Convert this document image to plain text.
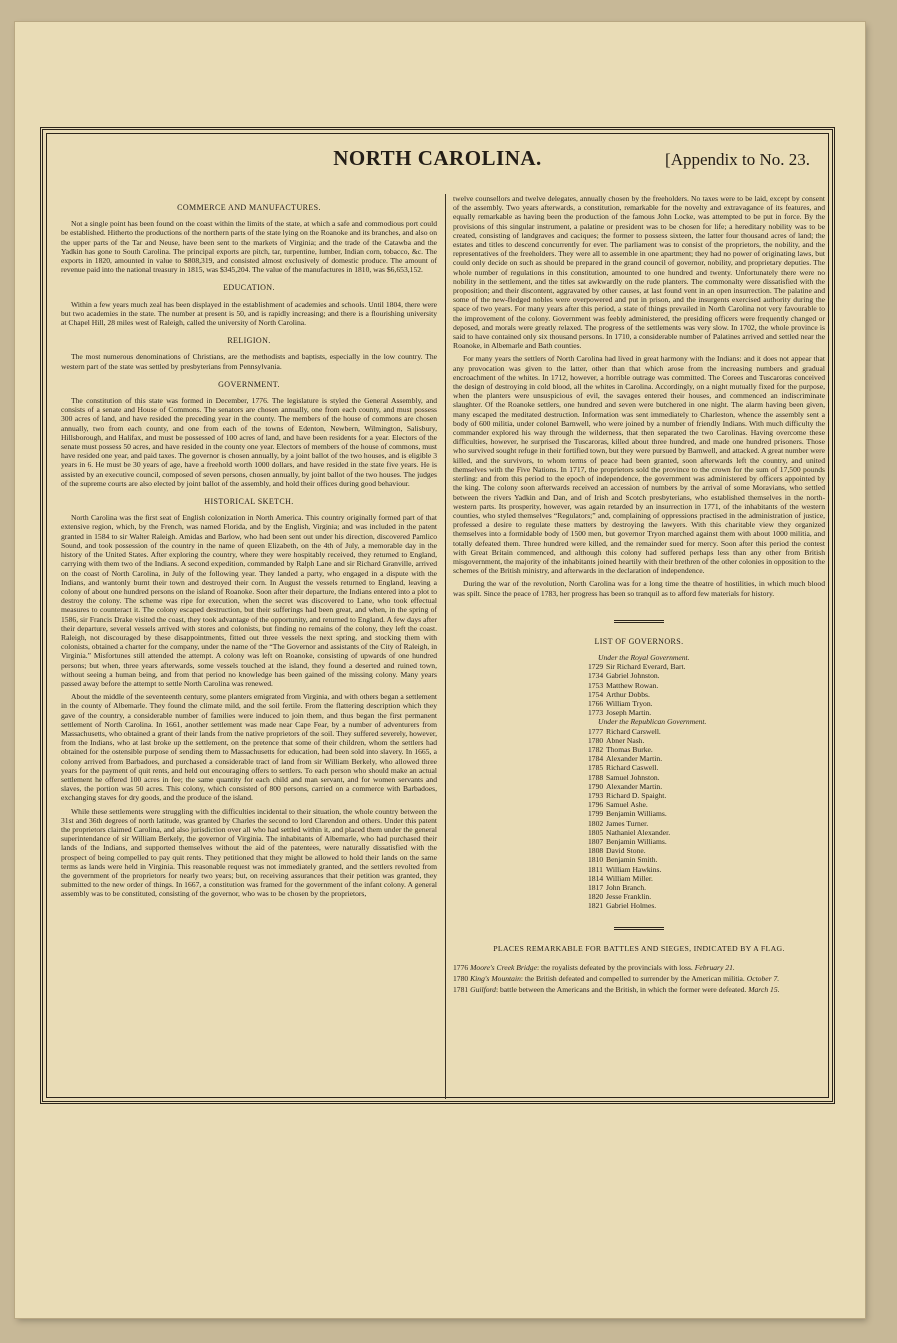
NORTH CAROLINA.	[Appendix to No. 23.
COMMERCE AND MANUFACTURES.

Not a single point has been found on the coast within the limits of the state, at which a safe and commodious port could be established. Hitherto the productions of the northern parts of the state lying on the Roanoke and its branches, and also on the upper parts of the Tar and Neuse, have been sent to the markets of Virginia; and the trade of the Catawba and the Yadkin has gone to South Carolina. The principal exports are pitch, tar, turpentine, lumber, Indian corn, tobacco, &c. The exports in 1820, amounted in value to $808,319, and consisted almost exclusively of domestic produce. The amount of revenue paid into the national treasury in 1815, was $345,204. The value of the manufactures in 1810, was $6,653,152.

EDUCATION.

Within a few years much zeal has been displayed in the establishment of academies and schools. Until 1804, there were but two academies in the state. The number at present is 50, and is rapidly increasing; and there is a flourishing university at Chapel Hill, 28 miles west of Raleigh, called the university of North Carolina.

RELIGION.

The most numerous denominations of Christians, are the methodists and baptists, especially in the low country. The western part of the state was settled by presbyterians from Pennsylvania.

GOVERNMENT.

The constitution of this state was formed in December, 1776. The legislature is styled the General Assembly, and consists of a senate and House of Commons. The senators are chosen annually, one from each county, and must possess 300 acres of land, and have resided the preceding year in the county. The members of the house of commons are chosen annually, two from each county, and one from each of the towns of Edenton, Newbern, Wilmington, Salisbury, Hillsborough, and Halifax, and must be possessed of 100 acres of land, and have been residents for a year. Electors of the senate must possess 50 acres, and have resided in the county one year. Electors of members of the house of commons, must have resided one year, and paid taxes. The governor is chosen annually, by a joint ballot of the two houses, and is eligible 3 years in 6. He must be 30 years of age, have a freehold worth 1000 dollars, and have resided in the state five years. He is assisted by an executive council, composed of seven persons, chosen annually, by joint ballot of the two houses. The judges of the supreme courts are also elected by joint ballot of the assembly, and hold their offices during good behaviour.

HISTORICAL SKETCH.

North Carolina was the first seat of English colonization in North America. This country originally formed part of that extensive region, which, by the French, was named Florida, and by the English, Virginia; and was included in the patent granted in 1584 to sir Walter Raleigh. Amidas and Barlow, who had been sent out under his direction, discovered Pamlico Sound, and took possession of the country in the name of queen Elizabeth, on the 4th of July, a memorable day in the history of the United States. After exploring the country, where they were hospitably received, they returned to England, carrying with them two of the Indians. A second expedition, commanded by Ralph Lane and sir Richard Granville, arrived on the coast of North Carolina, in July of the following year. They landed a party, who engaged in a dispute with the Indians, and wantonly burnt their town and destroyed their corn. In August the vessels returned to England, leaving a colony of about one hundred persons on the island of Roanoke. Soon after their departure, the Indians entered into a plot to destroy the colony. The scheme was ripe for execution, when the secret was discovered to Lane, who took effectual measures to counteract it. The colony escaped destruction, but their sufferings had been great, and when, in the spring of 1586, sir Francis Drake visited the coast, they took advantage of the opportunity, and returned to England. A few days after their departure, several vessels arrived with stores and colonists, but finding no remains of the colony, they left the coast. Raleigh, not discouraged by these disappointments, fitted out three vessels the next spring, and stocking them with colonists, obtained a charter for the company, under the name of the “The Governor and assistants of the City of Raleigh, in Virginia.” Misfortunes still attended the attempt. A colony was left on Roanoke, consisting of upwards of one hundred persons; but when, three years afterwards, some vessels touched at the island, they found a deserted and ruined town, without seeing a human being, and from that period no knowledge has been gained of the missing colony. Many years passed away before the attempt to settle North Carolina was renewed.

About the middle of the seventeenth century, some planters emigrated from Virginia, and with others began a settlement in the county of Albemarle. They found the climate mild, and the soil fertile. From the flattering description which they gave of the country, a considerable number of families were induced to join them, and thus began the first permanent settlement of North Carolina. In 1661, another settlement was made near Cape Fear, by a number of adventurers from Massachusetts, who obtained a grant of their lands from the native proprietors of the soil. They suffered severely, however, from the Indians, who at last broke up the settlement, on the pretence that some of their children, whom the settlers had obtained for the ostensible purpose of sending them to Massachusetts for education, had been sold into slavery. In 1665, a colony arrived from Barbadoes, and purchased a considerable tract of land from sir William Berkely, who allowed three years for the payment of quit rents, and held out encouraging offers to settlers. To each person who should make an actual settlement he offered 100 acres in fee; the same quantity for each child and man servant, and for women servants and slaves, the portion was 50 acres. This colony, which consisted of 800 persons, carried on a commerce with Barbadoes, exchanging staves for dry goods, and the produce of the island.

While these settlements were struggling with the difficulties incidental to their situation, the whole country between the 31st and 36th degrees of north latitude, was granted by Charles the second to lord Clarendon and others. Under this patent the proprietors claimed Carolina, and also jurisdiction over all who had settled within it, and placed them under the general superintendance of sir William Berkely, the governor of Virginia. The inhabitants of Albemarle, who had purchased their lands of the Indians, and supported themselves without the aid of the patentees, were naturally dissatisfied with the prospect of being compelled to pay quit rents. They petitioned that they might be allowed to hold their lands on the same terms as lands were held in Virginia. This reasonable request was not immediately granted, and the settlers revolted from the government of the proprietors for nearly two years; but, on receiving assurances that their petition was granted, they submitted to the new order of things. In 1667, a constitution was framed for the government of the infant colony. A general assembly was to be constituted, consisting of the governor, who was to be chosen by the proprietors,

twelve counsellors and twelve delegates, annually chosen by the freeholders. No taxes were to be laid, except by consent of the assembly. Two years afterwards, a constitution, remarkable for the novelty and extravagance of its features, and equally remarkable as having been the production of the famous John Locke, was attempted to be put in force. By the provisions of this singular instrument, a palatine or president was to be chosen for life; a hereditary nobility was to be created, consisting of landgraves and caciques; the former to possess sixteen, the latter four thousand acres of land; the estates and titles to descend concurrently for ever. The parliament was to consist of the proprietors, the nobility, and the representatives of the freeholders. They were all to assemble in one apartment; they had no power of originating laws, but could only decide on such as should be prepared in the grand council of governor, nobility, and proprietary deputies. The whole number of regulations in this constitution, amounted to one hundred and twenty. Unfortunately there were no nobility in the settlement, and the titles sat awkwardly on the rude planters. The commonalty were dissatisfied with the proposition; and their discontent, aggravated by other causes, at last found vent in an open insurrection. The palatine and some of the new-fledged nobles were overpowered and put in prison, and the insurgents exercised authority during the space of two years. For many years after this period, a state of things prevailed in North Carolina not very favourable to the improvement of the colony. Government was feebly administered, the presiding officers were frequently changed or deposed, and morals were greatly relaxed. The progress of the settlements was very slow. In 1702, the whole province is said to have contained only six thousand persons. In 1710, a considerable number of Palatines arrived and settled near the Roanoke, in Albemarle and Bath counties.

For many years the settlers of North Carolina had lived in great harmony with the Indians: and it does not appear that any provocation was given to the latter, other than that which arose from the increasing numbers and gradual encroachment of the whites. In 1712, however, a horrible outrage was committed. The Corees and Tuscaroras conceived the design of destroying in cold blood, all the whites in Carolina. Accordingly, on a night mutually fixed for the purpose, when the planters were unsuspicious of evil, the savages entered their houses, and commenced an indiscriminate slaughter. Of the Roanoke settlers, one hundred and seven were butchered in one night. The alarm having been given, many escaped the meditated destruction. Information was sent immediately to Charleston, whence the assembly sent a body of 600 militia, under colonel Barnwell, who were joined by a number of friendly Indians. With much difficulty the commander explored his way through the wilderness, that then separated the two Carolinas. Having overcome these difficulties, however, he surprised the Tuscaroras, killed about three hundred, and made one hundred prisoners. Those who survived sought refuge in their fortified town, but they were pursued by Barnwell, and attacked. A great number were killed, and the survivors, to whom terms of peace had been granted, soon afterwards left the country, and united themselves with the Five Nations. In 1717, the proprietors sold the province to the crown for the sum of 17,500 pounds sterling: and from this period to the epoch of independence, the government was administered by officers appointed by the king. The colony soon afterwards received an accession of numbers by the arrival of some Moravians, who settled between the rivers Yadkin and Dan, and of Irish and Scotch presbyterians, who established themselves in the north-western parts. Its prosperity, however, was again retarded by an insurrection in 1771, of the inhabitants of the western counties, who styled themselves “Regulators;” and, complaining of oppressions practised in the administration of justice, professed a desire to regulate these matters by destroying the lawyers. With this charitable view they organized themselves into a formidable body of 1500 men, but governor Tryon marched against them with about 1000 militia, and totally defeated them. Three hundred were killed, and the remainder sued for mercy. Soon after this period the contest with Great Britain commenced, and although this colony had suffered perhaps less than any other from British misgovernment, the majority of the inhabitants joined heartily with their brethren of the other colonies in opposition to the schemes of the British ministry, and afterwards in the declaration of independence.

During the war of the revolution, North Carolina was for a long time the theatre of hostilities, in which much blood was spilt. Since the peace of 1783, her progress has been so tranquil as to afford few materials for history.

LIST OF GOVERNORS.
Under the Royal Government.
1729 Sir Richard Everard, Bart.
1734 Gabriel Johnston.
1753 Matthew Rowan.
1754 Arthur Dobbs.
1766 William Tryon.
1773 Joseph Martin.
Under the Republican Government.
1777 Richard Carswell.
1780 Abner Nash.
1782 Thomas Burke.
1784 Alexander Martin.
1785 Richard Caswell.
1788 Samuel Johnston.
1790 Alexander Martin.
1793 Richard D. Spaight.
1796 Samuel Ashe.
1799 Benjamin Williams.
1802 James Turner.
1805 Nathaniel Alexander.
1807 Benjamin Williams.
1808 David Stone.
1810 Benjamin Smith.
1811 William Hawkins.
1814 William Miller.
1817 John Branch.
1820 Jesse Franklin.
1821 Gabriel Holmes.
PLACES REMARKABLE FOR BATTLES AND SIEGES, INDICATED BY A FLAG.
1776 Moore's Creek Bridge: the royalists defeated by the provincials with loss. February 21.
1780 King's Mountain: the British defeated and compelled to surrender by the American militia. October 7.
1781 Guilford: battle between the Americans and the British, in which the former were defeated. March 15.
